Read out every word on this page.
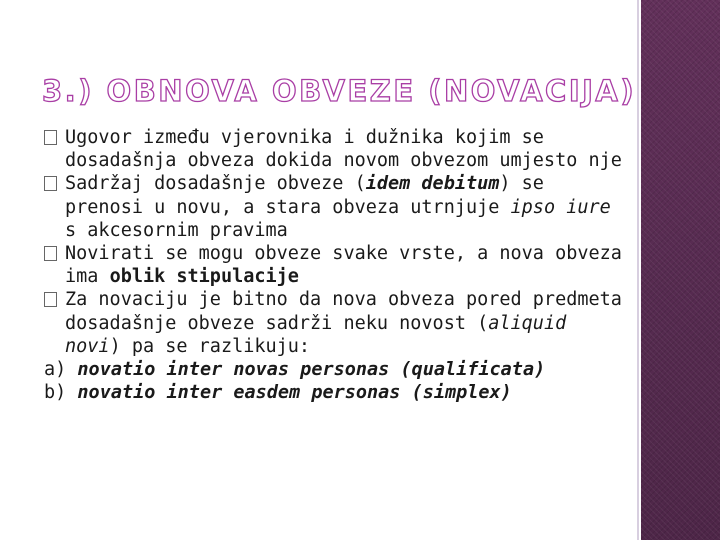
3.) OBNOVA OBVEZE (NOVACIJA)
Ugovor između vjerovnika i dužnika kojim se dosadašnja obveza dokida novom obvezom umjesto nje
Sadržaj dosadašnje obveze (idem debitum) se prenosi u novu, a stara obveza utrnjuje ipso iure s akcesornim pravima
Novirati se mogu obveze svake vrste, a nova obveza ima oblik stipulacije
Za novaciju je bitno da nova obveza pored predmeta dosadašnje obveze sadrži neku novost (aliquid novi) pa se razlikuju:
a) novatio inter novas personas (qualificata)
b) novatio inter easdem personas (simplex)
